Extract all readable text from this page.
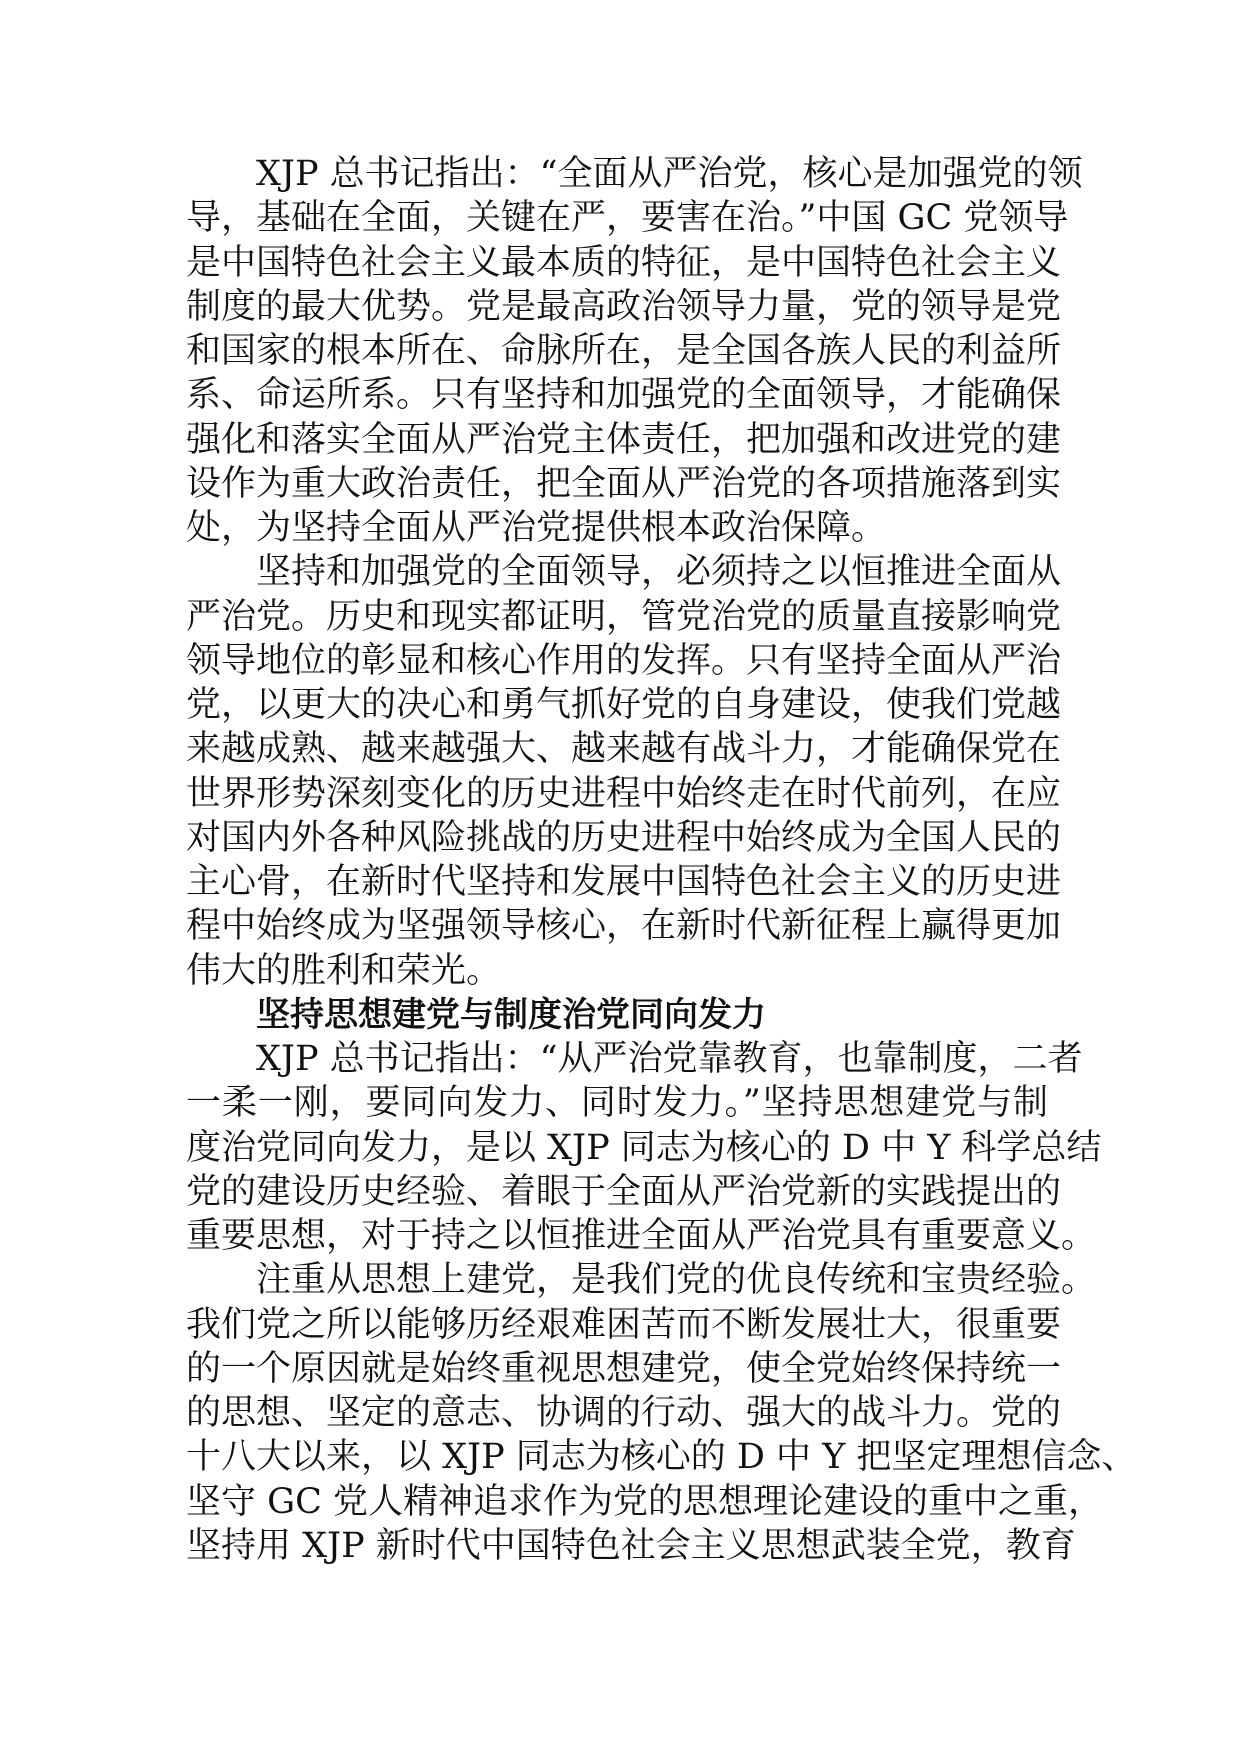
XJP 总书记指出：“全面从严治党，核心是加强党的领
导，基础在全面，关键在严，要害在治。”中国 GC 党领导
是中国特色社会主义最本质的特征，是中国特色社会主义
制度的最大优势。党是最高政治领导力量，党的领导是党
和国家的根本所在、命脉所在，是全国各族人民的利益所
系、命运所系。只有坚持和加强党的全面领导，才能确保
强化和落实全面从严治党主体责任，把加强和改进党的建
设作为重大政治责任，把全面从严治党的各项措施落到实
处，为坚持全面从严治党提供根本政治保障。
坚持和加强党的全面领导，必须持之以恒推进全面从
严治党。历史和现实都证明，管党治党的质量直接影响党
领导地位的彰显和核心作用的发挥。只有坚持全面从严治
党，以更大的决心和勇气抓好党的自身建设，使我们党越
来越成熟、越来越强大、越来越有战斗力，才能确保党在
世界形势深刻变化的历史进程中始终走在时代前列，在应
对国内外各种风险挑战的历史进程中始终成为全国人民的
主心骨，在新时代坚持和发展中国特色社会主义的历史进
程中始终成为坚强领导核心，在新时代新征程上赢得更加
伟大的胜利和荣光。
坚持思想建党与制度治党同向发力
XJP 总书记指出：“从严治党靠教育，也靠制度，二者
一柔一刚，要同向发力、同时发力。”坚持思想建党与制
度治党同向发力，是以 XJP 同志为核心的 D 中 Y 科学总结
党的建设历史经验、着眼于全面从严治党新的实践提出的
重要思想，对于持之以恒推进全面从严治党具有重要意义。
注重从思想上建党，是我们党的优良传统和宝贵经验。
我们党之所以能够历经艰难困苦而不断发展壮大，很重要
的一个原因就是始终重视思想建党，使全党始终保持统一
的思想、坚定的意志、协调的行动、强大的战斗力。党的
十八大以来，以 XJP 同志为核心的 D 中 Y 把坚定理想信念、
坚守 GC 党人精神追求作为党的思想理论建设的重中之重，
坚持用 XJP 新时代中国特色社会主义思想武装全党，教育
